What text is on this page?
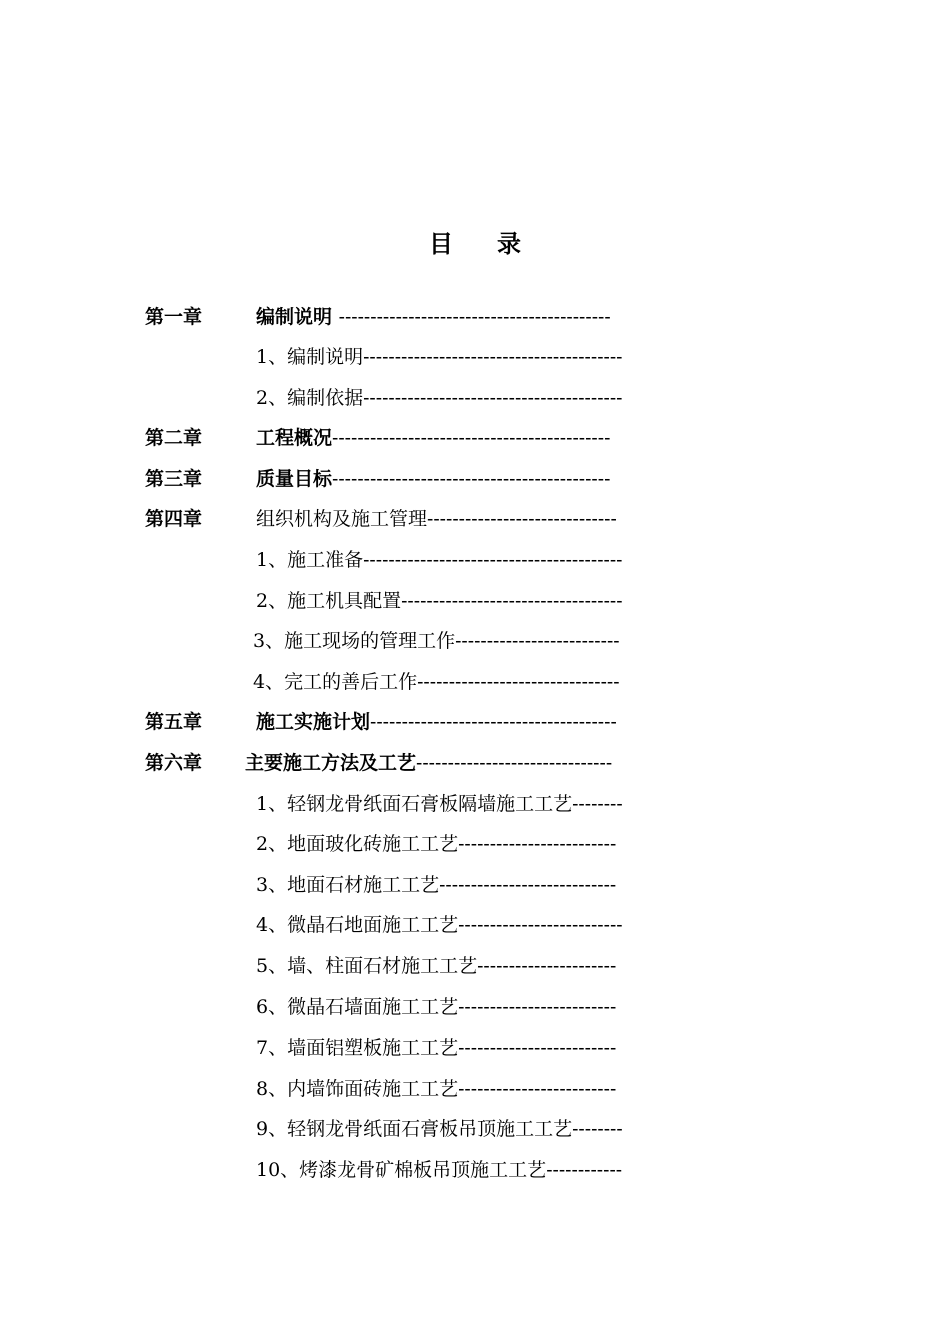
目 录
第一章	编制说明 -------------------------------------------
1、编制说明-----------------------------------------
2、编制依据-----------------------------------------
第二章	工程概况--------------------------------------------
第三章	质量目标--------------------------------------------
第四章	组织机构及施工管理------------------------------
1、施工准备-----------------------------------------
2、施工机具配置-----------------------------------
3、施工现场的管理工作--------------------------
4、完工的善后工作--------------------------------
第五章	施工实施计划---------------------------------------
第六章 主要施工方法及工艺-------------------------------
1、轻钢龙骨纸面石膏板隔墙施工工艺--------
2、地面玻化砖施工工艺-------------------------
3、地面石材施工工艺----------------------------
4、微晶石地面施工工艺--------------------------
5、墙、柱面石材施工工艺----------------------
6、微晶石墙面施工工艺-------------------------
7、墙面铝塑板施工工艺-------------------------
8、内墙饰面砖施工工艺-------------------------
9、轻钢龙骨纸面石膏板吊顶施工工艺--------
10、烤漆龙骨矿棉板吊顶施工工艺------------
